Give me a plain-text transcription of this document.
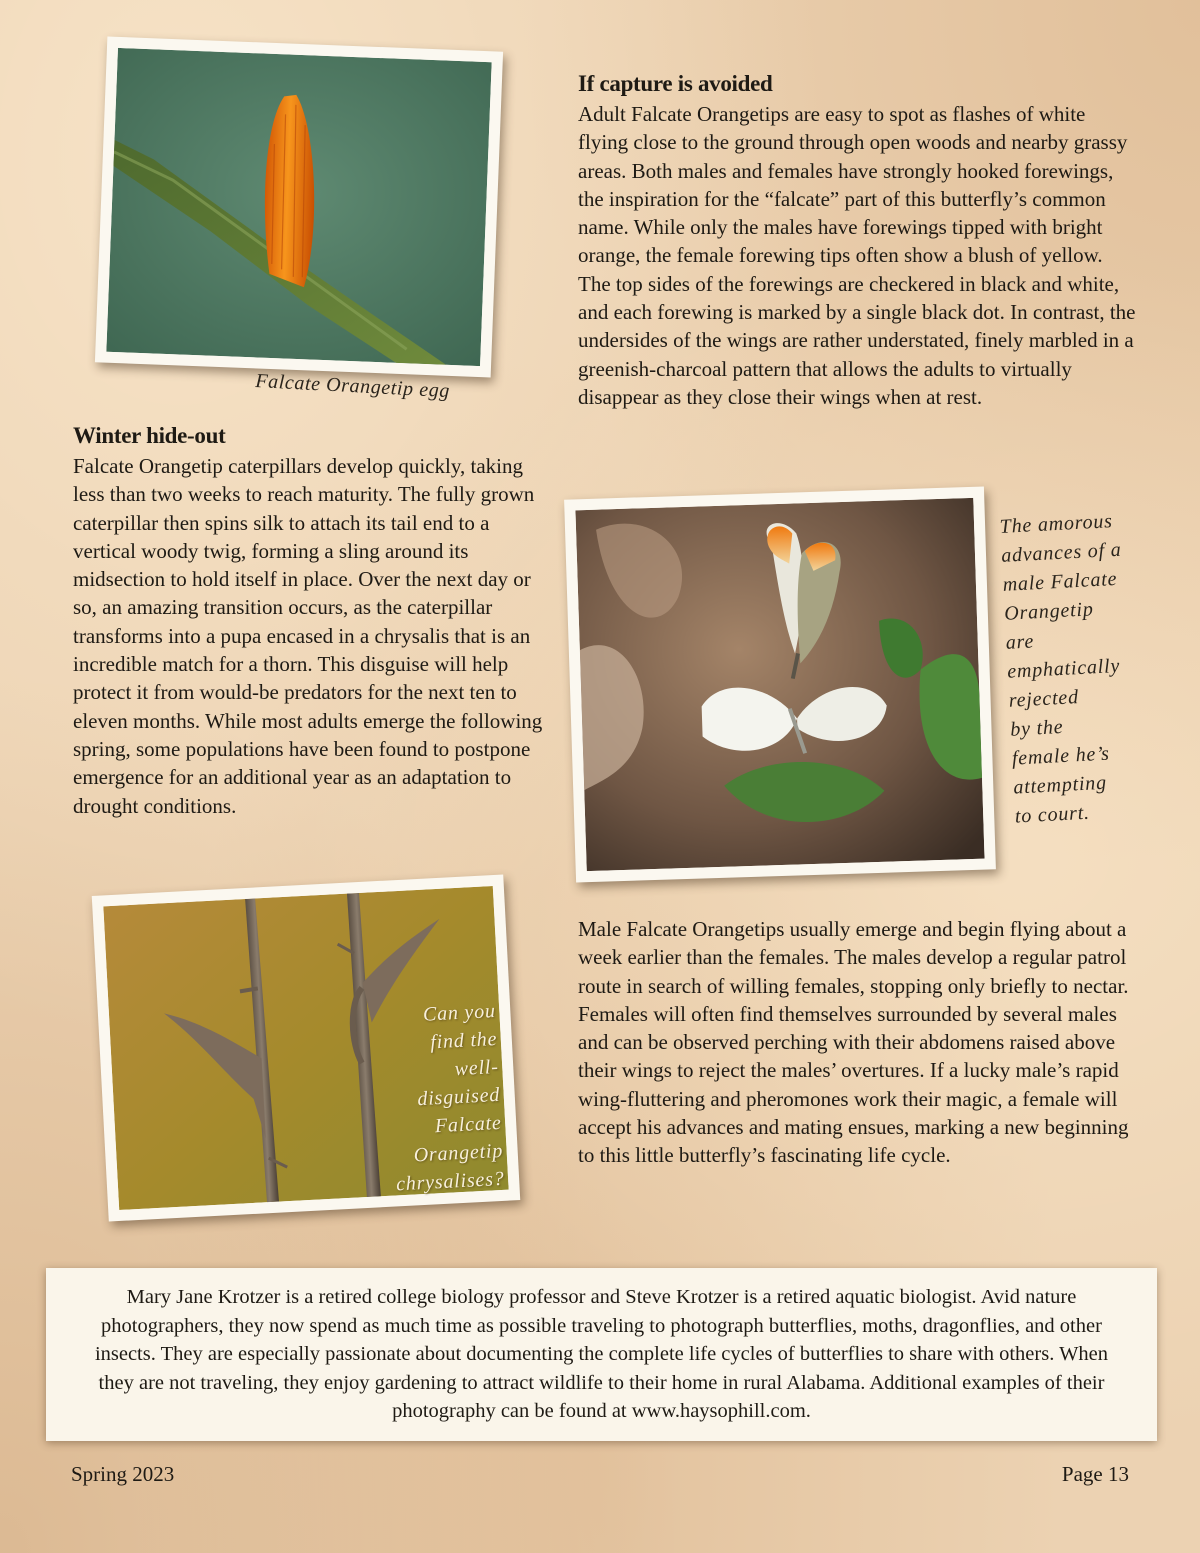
Falcate Orangetip egg
If capture is avoided

Adult Falcate Orangetips are easy to spot as flashes of white flying close to the ground through open woods and nearby grassy areas. Both males and females have strongly hooked forewings, the inspiration for the “falcate” part of this butterfly’s common name. While only the males have forewings tipped with bright orange, the female forewing tips often show a blush of yellow. The top sides of the forewings are checkered in black and white, and each forewing is marked by a single black dot. In contrast, the undersides of the wings are rather understated, finely marbled in a greenish-charcoal pattern that allows the adults to virtually disappear as they close their wings when at rest.

Winter hide-out

Falcate Orangetip caterpillars develop quickly, taking less than two weeks to reach maturity. The fully grown caterpillar then spins silk to attach its tail end to a vertical woody twig, forming a sling around its midsection to hold itself in place. Over the next day or so, an amazing transition occurs, as the caterpillar transforms into a pupa encased in a chrysalis that is an incredible match for a thorn. This disguise will help protect it from would-be predators for the next ten to eleven months. While most adults emerge the following spring, some populations have been found to postpone emergence for an additional year as an adaptation to drought conditions.

The amorous
advances of a
male Falcate
Orangetip
are
emphatically
rejected
by the
female he’s
attempting
to court.
Can you
find the
well-
disguised
Falcate
Orangetip
chrysalises?

Male Falcate Orangetips usually emerge and begin flying about a week earlier than the females. The males develop a regular patrol route in search of willing females, stopping only briefly to nectar. Females will often find themselves surrounded by several males and can be observed perching with their abdomens raised above their wings to reject the males’ overtures. If a lucky male’s rapid wing-fluttering and pheromones work their magic, a female will accept his advances and mating ensues, marking a new beginning to this little butterfly’s fascinating life cycle.

Mary Jane Krotzer is a retired college biology professor and Steve Krotzer is a retired aquatic biologist. Avid nature photographers, they now spend as much time as possible traveling to photograph butterflies, moths, dragonflies, and other insects. They are especially passionate about documenting the complete life cycles of butterflies to share with others. When they are not traveling, they enjoy gardening to attract wildlife to their home in rural Alabama. Additional examples of their photography can be found at www.haysophill.com.
Spring 2023	Page 13
